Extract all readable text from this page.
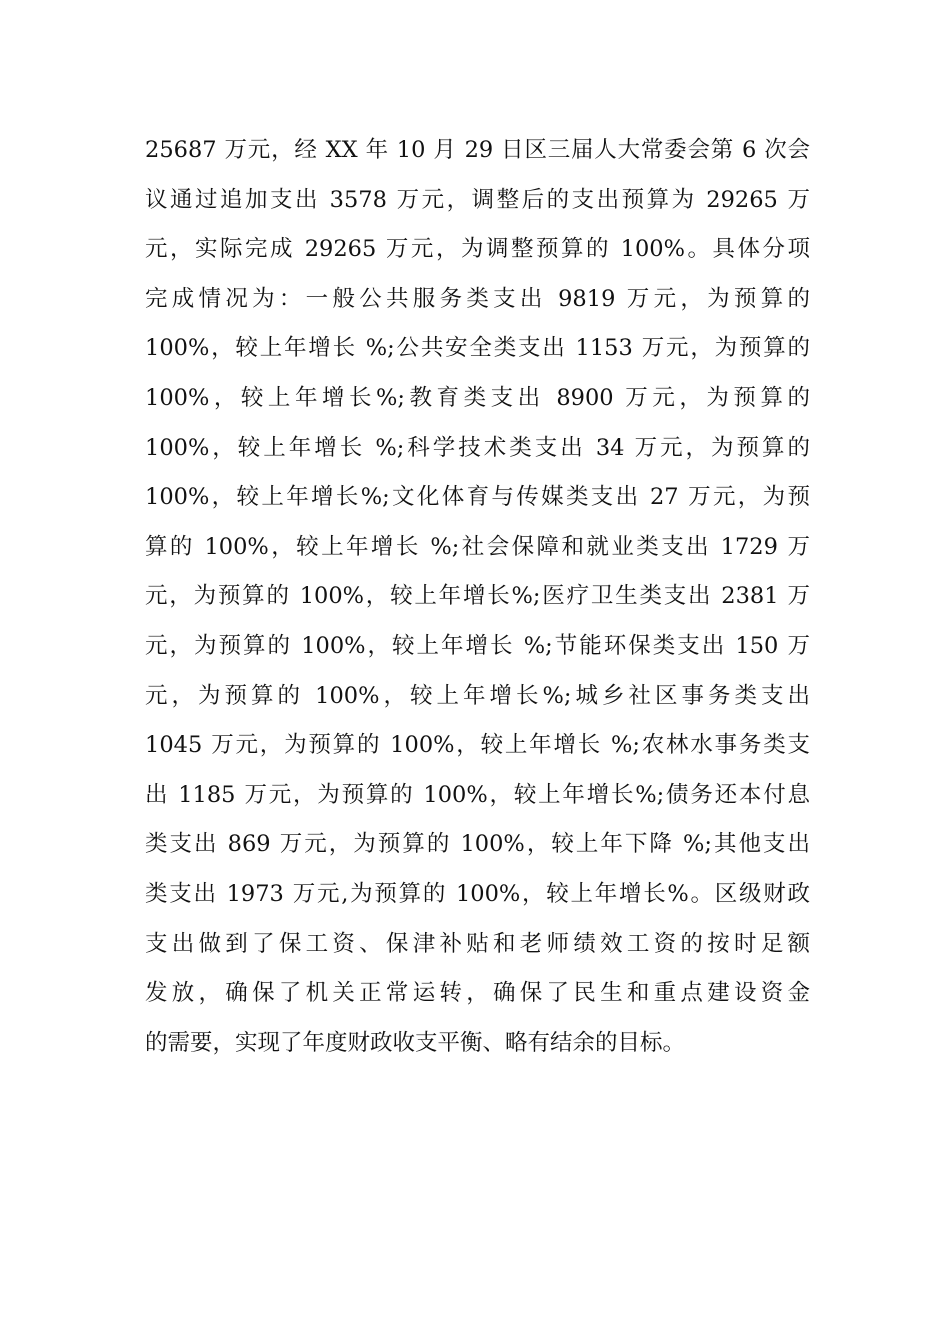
25687 万元，经 XX 年 10 月 29 日区三届人大常委会第 6 次会
议通过追加支出 3578 万元，调整后的支出预算为 29265 万
元，实际完成 29265 万元，为调整预算的 100%。具体分项
完成情况为：一般公共服务类支出 9819 万元，为预算的
100%，较上年增长 %;公共安全类支出 1153 万元，为预算的
100%，较上年增长%;教育类支出 8900 万元，为预算的
100%，较上年增长 %;科学技术类支出 34 万元，为预算的
100%，较上年增长%;文化体育与传媒类支出 27 万元，为预
算的 100%，较上年增长 %;社会保障和就业类支出 1729 万
元，为预算的 100%，较上年增长%;医疗卫生类支出 2381 万
元，为预算的 100%，较上年增长 %;节能环保类支出 150 万
元，为预算的 100%，较上年增长%;城乡社区事务类支出
1045 万元，为预算的 100%，较上年增长 %;农林水事务类支
出 1185 万元，为预算的 100%，较上年增长%;债务还本付息
类支出 869 万元，为预算的 100%，较上年下降 %;其他支出
类支出 1973 万元,为预算的 100%，较上年增长%。区级财政
支出做到了保工资、保津补贴和老师绩效工资的按时足额
发放，确保了机关正常运转，确保了民生和重点建设资金
的需要，实现了年度财政收支平衡、略有结余的目标。
